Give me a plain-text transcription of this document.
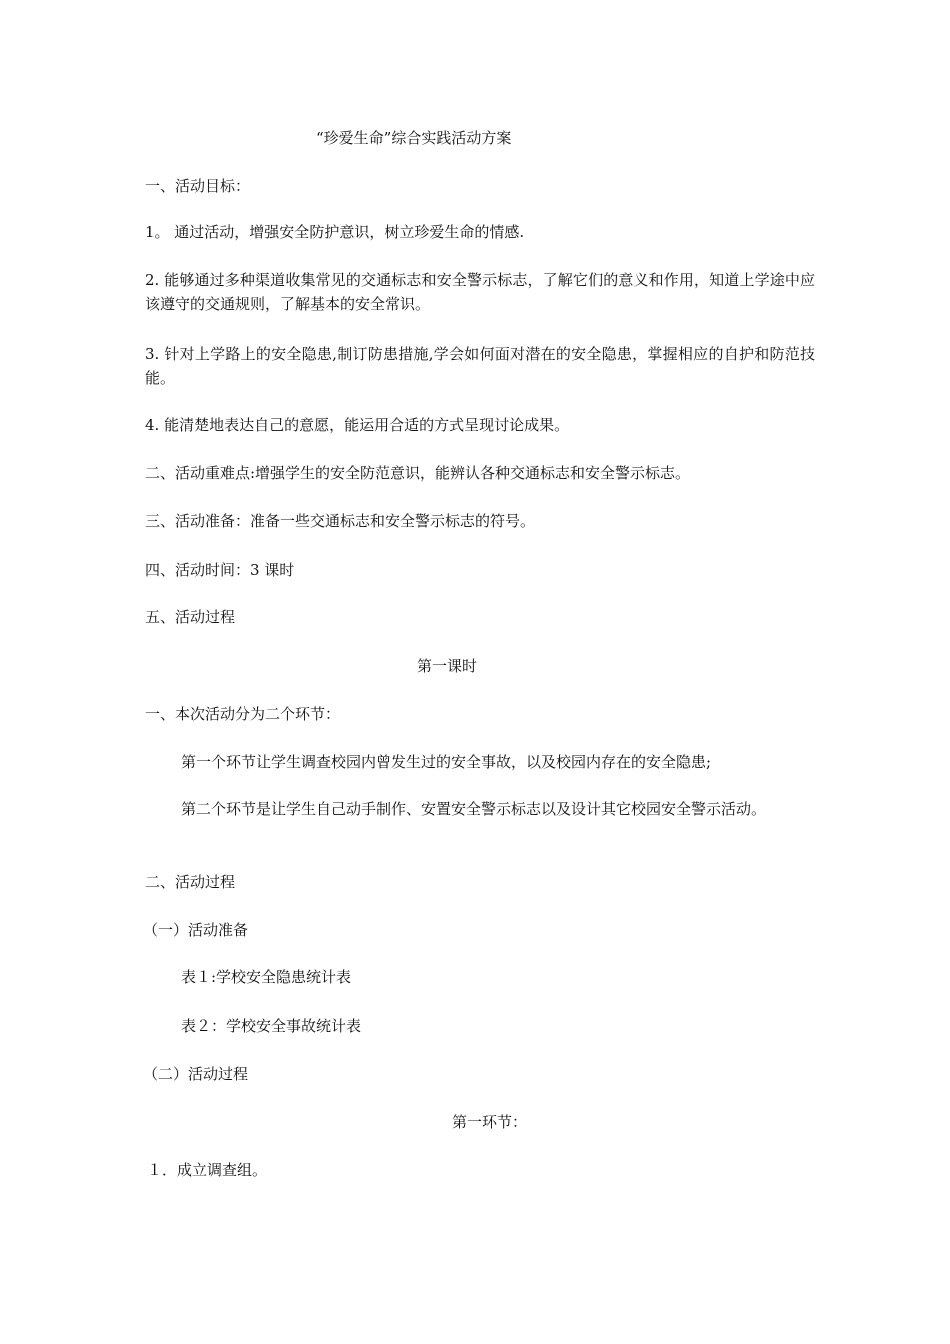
“珍爱生命”综合实践活动方案
一、活动目标：
1。 通过活动，增强安全防护意识，树立珍爱生命的情感.
2. 能够通过多种渠道收集常见的交通标志和安全警示标志，了解它们的意义和作用，知道上学途中应该遵守的交通规则，了解基本的安全常识。
3. 针对上学路上的安全隐患,制订防患措施,学会如何面对潜在的安全隐患，掌握相应的自护和防范技能。
4. 能清楚地表达自己的意愿，能运用合适的方式呈现讨论成果。
二、活动重难点:增强学生的安全防范意识，能辨认各种交通标志和安全警示标志。
三、活动准备：准备一些交通标志和安全警示标志的符号。
四、活动时间：3 课时
五、活动过程
第一课时
一、本次活动分为二个环节：
第一个环节让学生调查校园内曾发生过的安全事故，以及校园内存在的安全隐患;
第二个环节是让学生自己动手制作、安置安全警示标志以及设计其它校园安全警示活动。
二、活动过程
（一）活动准备
表１:学校安全隐患统计表
表２：学校安全事故统计表
（二）活动过程
第一环节：
１．成立调查组。
